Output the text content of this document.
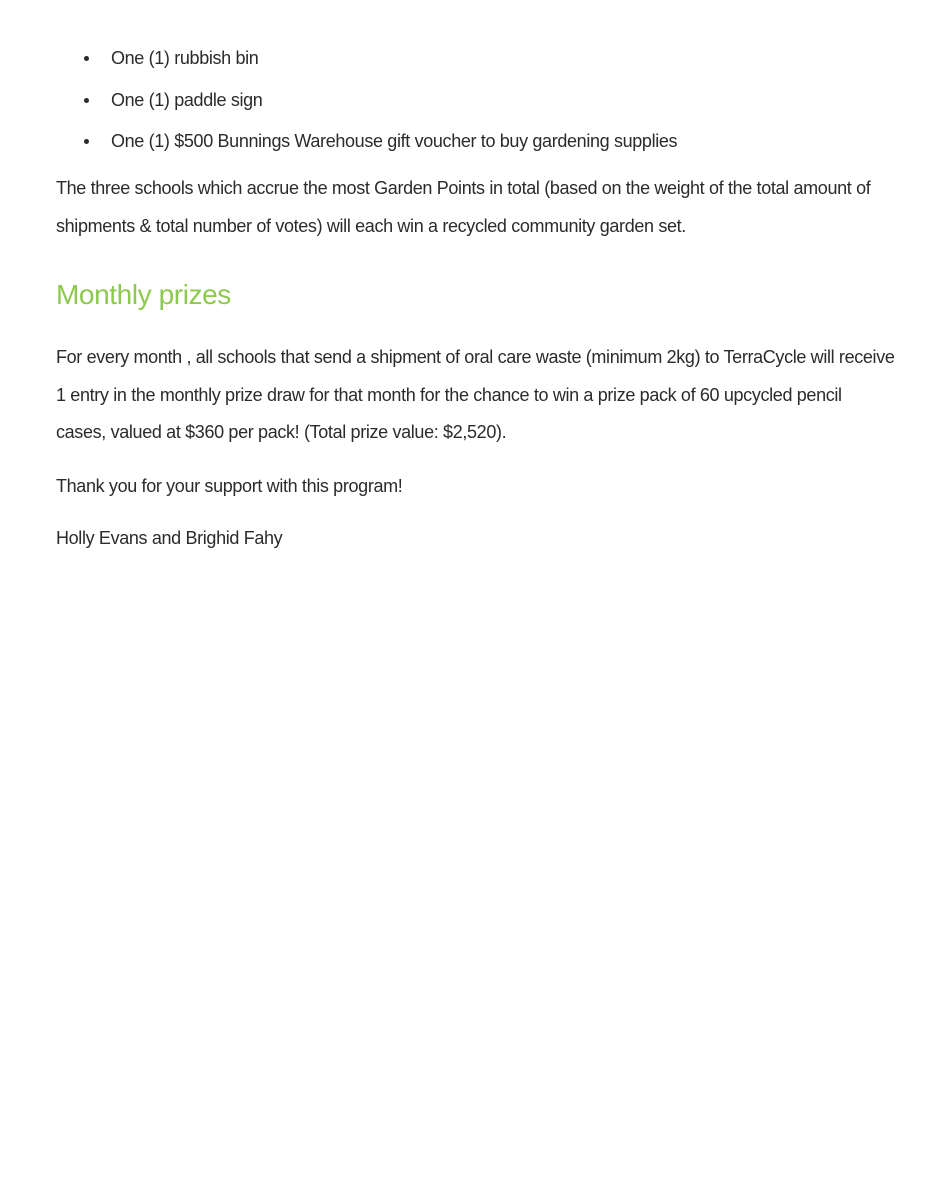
One (1) rubbish bin
One (1) paddle sign
One (1) $500 Bunnings Warehouse gift voucher to buy gardening supplies

The three schools which accrue the most Garden Points in total (based on the weight of the total amount of shipments & total number of votes) will each win a recycled community garden set.

Monthly prizes

For every month , all schools that send a shipment of oral care waste (minimum 2kg) to TerraCycle will receive 1 entry in the monthly prize draw for that month for the chance to win a prize pack of 60 upcycled pencil cases, valued at $360 per pack! (Total prize value: $2,520).

Thank you for your support with this program!

Holly Evans and Brighid Fahy
